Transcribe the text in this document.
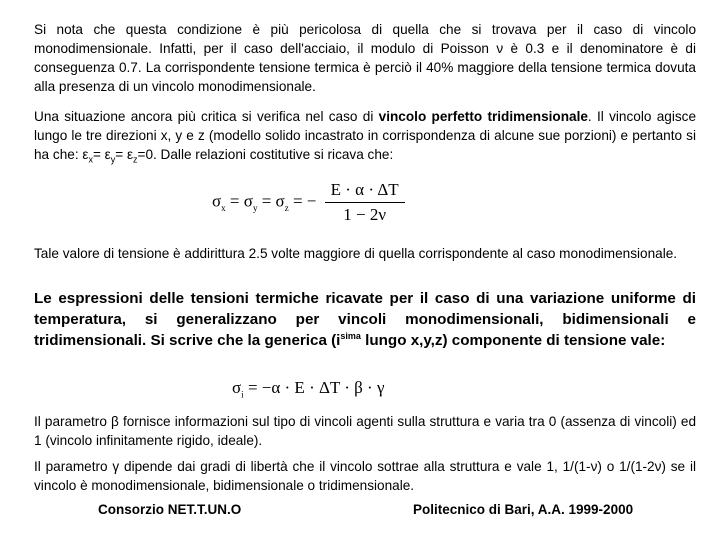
Si nota che questa condizione è più pericolosa di quella che si trovava per il caso di vincolo monodimensionale. Infatti, per il caso dell'acciaio, il modulo di Poisson ν è 0.3 e il denominatore è di conseguenza 0.7. La corrispondente tensione termica è perciò il 40% maggiore della tensione termica dovuta alla presenza di un vincolo monodimensionale.

Una situazione ancora più critica si verifica nel caso di vincolo perfetto tridimensionale. Il vincolo agisce lungo le tre direzioni x, y e z (modello solido incastrato in corrispondenza di alcune sue porzioni) e pertanto si ha che: $\varepsilon_x= \varepsilon_y= \varepsilon_z=0$. Dalle relazioni costitutive si ricava che:

$\sigma_x = \sigma_y = \sigma_z$ = − $\frac{E \cdot \alpha \cdot \Delta T}{1 - 2\nu}$

Tale valore di tensione è addirittura 2.5 volte maggiore di quella corrispondente al caso monodimensionale.

Le espressioni delle tensioni termiche ricavate per il caso di una variazione uniforme di temperatura, si generalizzano per vincoli monodimensionali, bidimensionali e tridimensionali. Si scrive che la generica ($i^{sima}$ lungo x,y,z) componente di tensione vale:

$\sigma_i = -\alpha \cdot E \cdot \Delta T \cdot \beta \cdot \gamma$

Il parametro β fornisce informazioni sul tipo di vincoli agenti sulla struttura e varia tra 0 (assenza di vincoli) ed 1 (vincolo infinitamente rigido, ideale).

Il parametro γ dipende dai gradi di libertà che il vincolo sottrae alla struttura e vale 1, 1/(1-ν) o 1/(1-2ν) se il vincolo è monodimensionale, bidimensionale o tridimensionale.

Consorzio NET.T.UN.O	Politecnico di Bari, A.A. 1999-2000
